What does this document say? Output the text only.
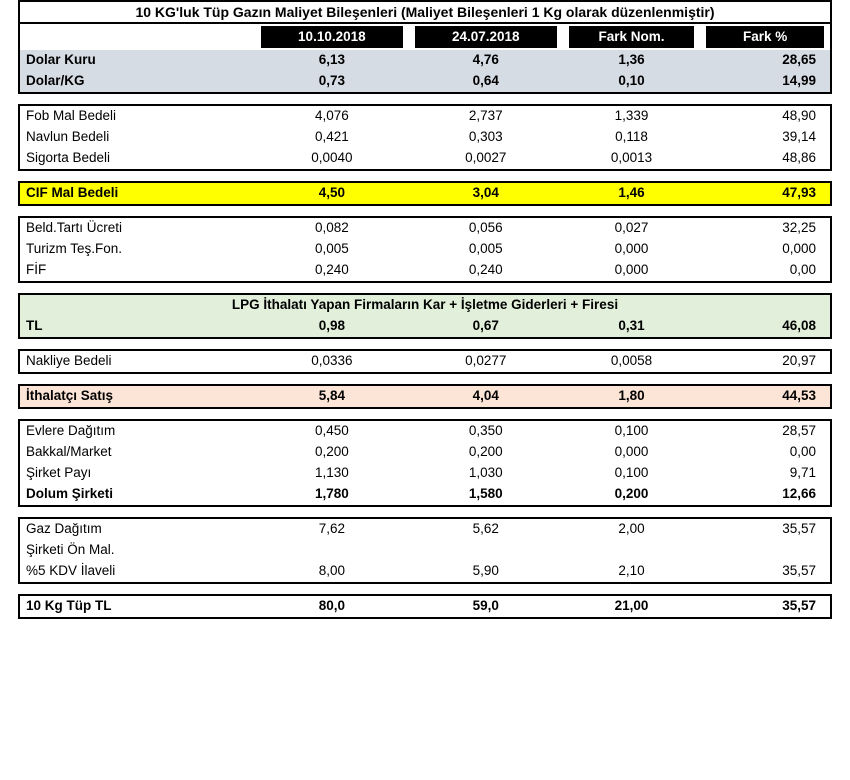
10 KG'luk Tüp Gazın Maliyet Bileşenleri (Maliyet Bileşenleri 1 Kg olarak düzenlenmiştir)				

	10.10.2018	24.07.2018	Fark Nom.	Fark %

Dolar Kuru	6,13	4,76	1,36	28,65
Dolar/KG	0,73	0,64	0,10	14,99
Fob Mal Bedeli	4,076	2,737	1,339	48,90
Navlun Bedeli	0,421	0,303	0,118	39,14
Sigorta Bedeli	0,0040	0,0027	0,0013	48,86
CIF Mal Bedeli	4,50	3,04	1,46	47,93
Beld.Tartı Ücreti	0,082	0,056	0,027	32,25
Turizm Teş.Fon.	0,005	0,005	0,000	0,000
FİF	0,240	0,240	0,000	0,00
LPG İthalatı Yapan Firmaların Kar + İşletme Giderleri + Firesi
TL	0,98	0,67	0,31	46,08
Nakliye Bedeli	0,0336	0,0277	0,0058	20,97
İthalatçı Satış	5,84	4,04	1,80	44,53
Evlere Dağıtım	0,450	0,350	0,100	28,57
Bakkal/Market	0,200	0,200	0,000	0,00
Şirket Payı	1,130	1,030	0,100	9,71
Dolum Şirketi	1,780	1,580	0,200	12,66
Gaz Dağıtım	7,62	5,62	2,00	35,57
Şirketi Ön Mal.				
%5 KDV İlaveli	8,00	5,90	2,10	35,57
10 Kg Tüp TL	80,0	59,0	21,00	35,57
